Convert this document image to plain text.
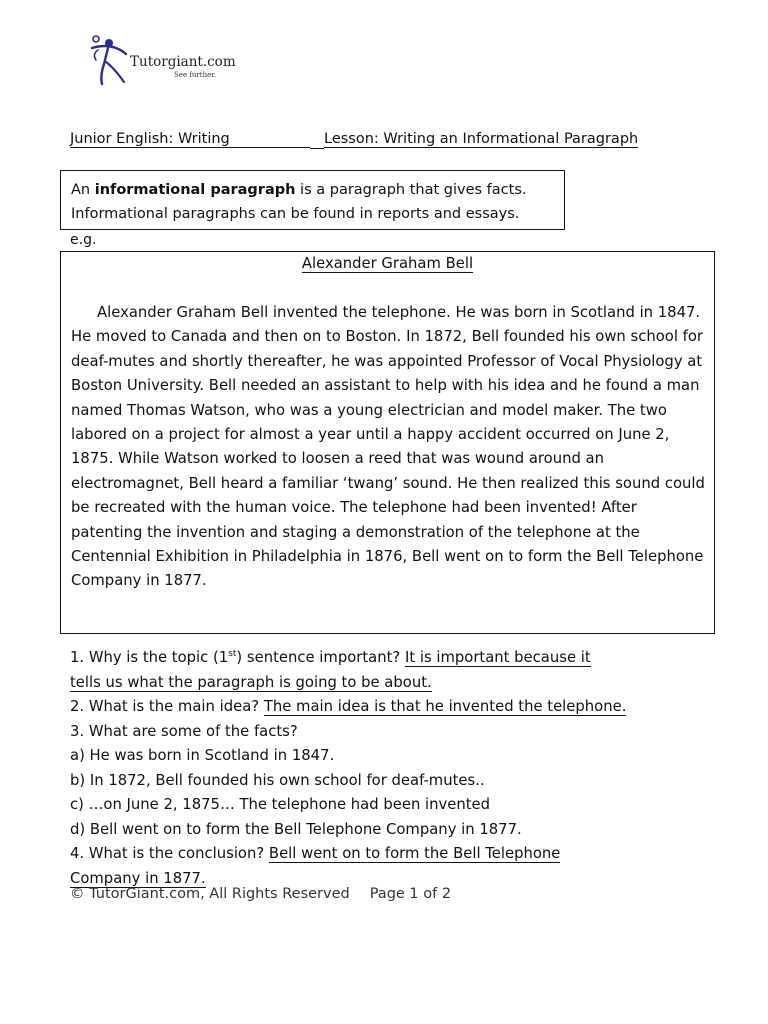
Tutorgiant.com
See further.
Junior English: Writing	Lesson: Writing an Informational Paragraph
An informational paragraph is a paragraph that gives facts.
Informational paragraphs can be found in reports and essays.
e.g.
Alexander Graham Bell

Alexander Graham Bell invented the telephone. He was born in Scotland in 1847. He moved to Canada and then on to Boston. In 1872, Bell founded his own school for deaf-mutes and shortly thereafter, he was appointed Professor of Vocal Physiology at Boston University. Bell needed an assistant to help with his idea and he found a man named Thomas Watson, who was a young electrician and model maker. The two labored on a project for almost a year until a happy accident occurred on June 2, 1875. While Watson worked to loosen a reed that was wound around an electromagnet, Bell heard a familiar ‘twang’ sound. He then realized this sound could be recreated with the human voice. The telephone had been invented! After patenting the invention and staging a demonstration of the telephone at the Centennial Exhibition in Philadelphia in 1876, Bell went on to form the Bell Telephone Company in 1877.

1. Why is the topic (1st) sentence important? It is important because it
tells us what the paragraph is going to be about.
2. What is the main idea? The main idea is that he invented the telephone.
3. What are some of the facts?
a) He was born in Scotland in 1847.
b) In 1872, Bell founded his own school for deaf-mutes..
c) …on June 2, 1875… The telephone had been invented
d) Bell went on to form the Bell Telephone Company in 1877.
4. What is the conclusion? Bell went on to form the Bell Telephone
Company in 1877.
© TutorGiant.com, All Rights Reserved Page 1 of 2
